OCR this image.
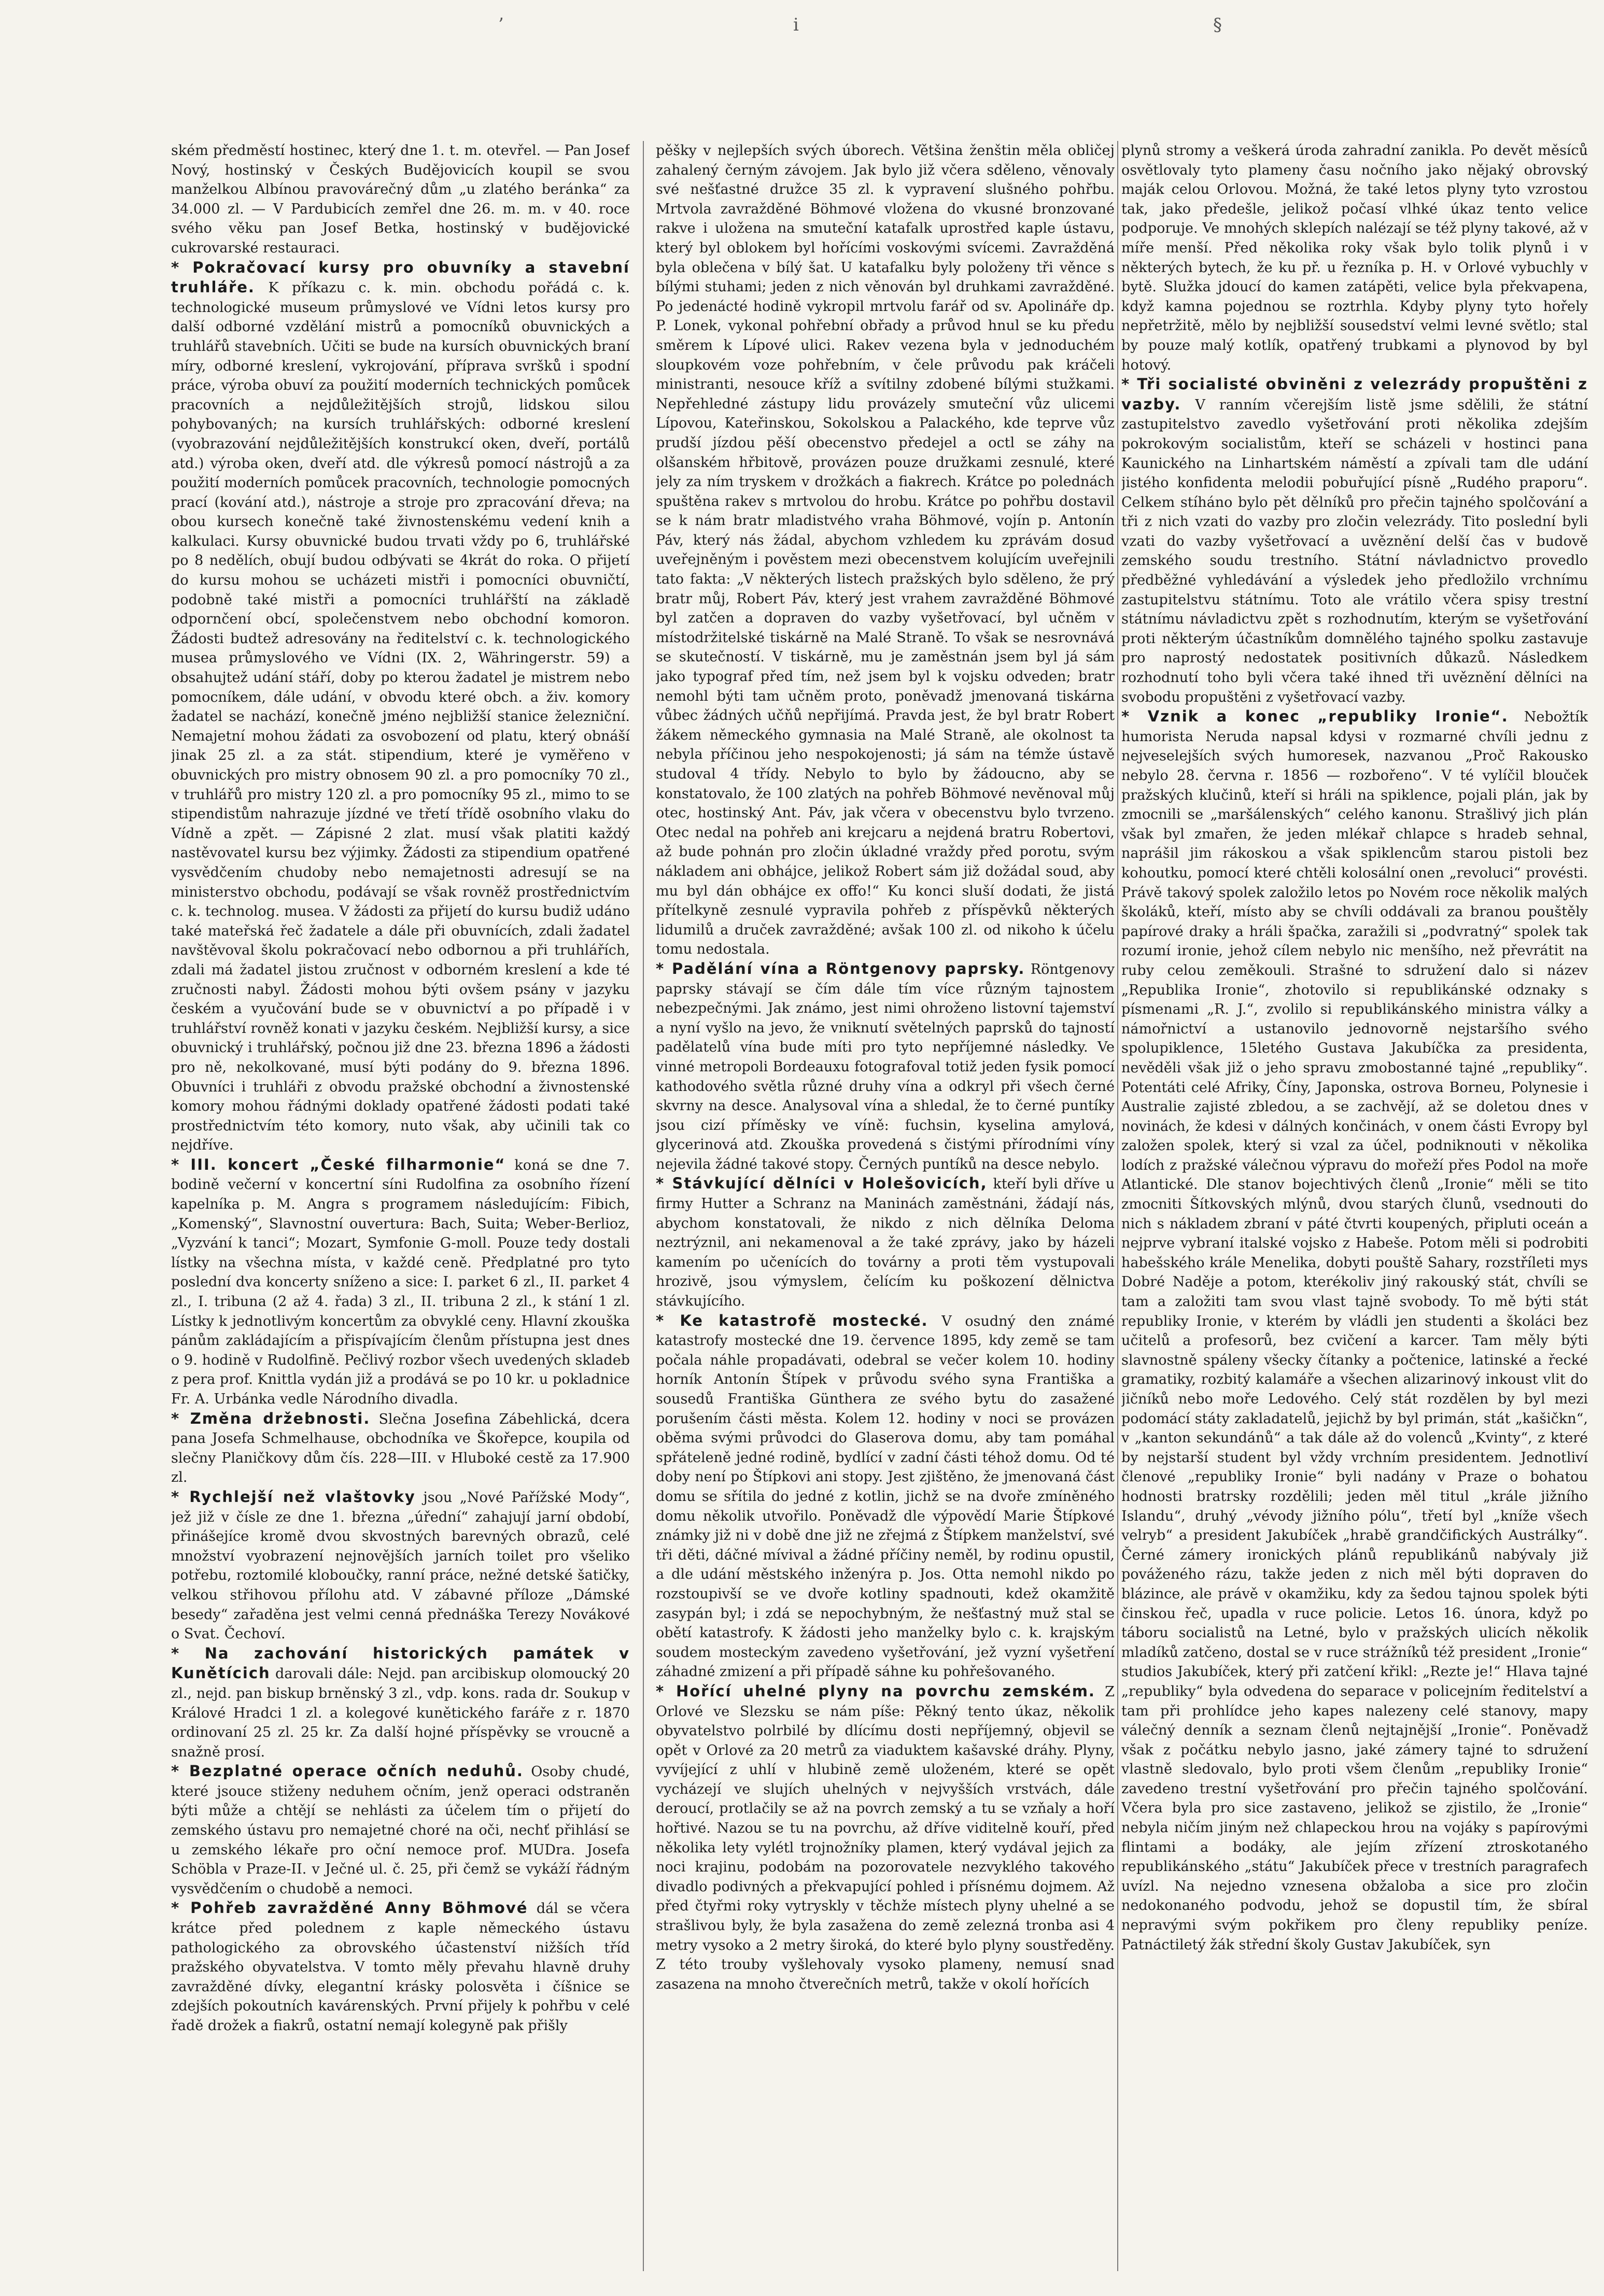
ʼ	ⅰ	§

ském předměstí hostinec, který dne 1. t. m. otevřel. — Pan Josef Nový, hostinský v Českých Budějovicích koupil se svou manželkou Albínou pravovárečný dům „u zlatého beránka“ za 34.000 zl. — V Pardubicích zemřel dne 26. m. m. v 40. roce svého věku pan Josef Betka, hostinský v budějovické cukrovarské restauraci.

* Pokračovací kursy pro obuvníky a stavební truhláře. K příkazu c. k. min. obchodu pořádá c. k. technologické museum průmyslové ve Vídni letos kursy pro další odborné vzdělání mistrů a pomocníků obuvnických a truhlářů stavebních. Učiti se bude na kursích obuvnických braní míry, odborné kreslení, vykrojování, příprava svršků i spodní práce, výroba obuví za použití moderních technických pomůcek pracovních a nejdůležitějších strojů, lidskou silou pohybovaných; na kursích truhlářských: odborné kreslení (vyobrazování nejdůležitějších konstrukcí oken, dveří, portálů atd.) výroba oken, dveří atd. dle výkresů pomocí nástrojů a za použití moderních pomůcek pracovních, technologie pomocných prací (kování atd.), nástroje a stroje pro zpracování dřeva; na obou kursech konečně také živnostenskému vedení knih a kalkulaci. Kursy obuvnické budou trvati vždy po 6, truhlářské po 8 nedělích, obují budou odbývati se 4krát do roka. O přijetí do kursu mohou se ucházeti mistři i pomocníci obuvničtí, podobně také mistři a pomocníci truhlářští na základě odpornčení obcí, společenstvem nebo obchodní komoron. Žádosti budtež adresovány na ředitelství c. k. technologického musea průmyslového ve Vídni (IX. 2, Währingerstr. 59) a obsahujtež udání stáří, doby po kterou žadatel je mistrem nebo pomocníkem, dále udání, v obvodu které obch. a živ. komory žadatel se nachází, konečně jméno nejbližší stanice železniční. Nemajetní mohou žádati za osvobození od platu, který obnáší jinak 25 zl. a za stát. stipendium, které je vyměřeno v obuvnických pro mistry obnosem 90 zl. a pro pomocníky 70 zl., v truhlářů pro mistry 120 zl. a pro pomocníky 95 zl., mimo to se stipendistům nahrazuje jízdné ve třetí třídě osobního vlaku do Vídně a zpět. — Zápisné 2 zlat. musí však platiti každý nastěvovatel kursu bez výjimky. Žádosti za stipendium opatřené vysvědčením chudoby nebo nemajetnosti adresují se na ministerstvo obchodu, podávají se však rovněž prostřednictvím c. k. technolog. musea. V žádosti za přijetí do kursu budiž udáno také mateřská řeč žadatele a dále při obuvnících, zdali žadatel navštěvoval školu pokračovací nebo odbornou a při truhlářích, zdali má žadatel jistou zručnost v odborném kreslení a kde té zručnosti nabyl. Žádosti mohou býti ovšem psány v jazyku českém a vyučování bude se v obuvnictví a po případě i v truhlářství rovněž konati v jazyku českém. Nejbližší kursy, a sice obuvnický i truhlářský, počnou již dne 23. března 1896 a žádosti pro ně, nekolkované, musí býti podány do 9. března 1896. Obuvníci i truhláři z obvodu pražské obchodní a živnostenské komory mohou řádnými doklady opatřené žádosti podati také prostřednictvím této komory, nuto však, aby učinili tak co nejdříve.

* III. koncert „České filharmonie“ koná se dne 7. bodině večerní v koncertní síni Rudolfina za osobního řízení kapelníka p. M. Angra s programem následujícím: Fibich, „Komenský“, Slavnostní ouvertura: Bach, Suita; Weber-Berlioz, „Vyzvání k tanci“; Mozart, Symfonie G-moll. Pouze tedy dostali lístky na všechna místa, v každé ceně. Předplatné pro tyto poslední dva koncerty sníženo a sice: I. parket 6 zl., II. parket 4 zl., I. tribuna (2 až 4. řada) 3 zl., II. tribuna 2 zl., k stání 1 zl. Lístky k jednotlivým koncertům za obvyklé ceny. Hlavní zkouška pánům zakládajícím a přispívajícím členům přístupna jest dnes o 9. hodině v Rudolfině. Pečlivý rozbor všech uvedených skladeb z pera prof. Knittla vydán již a prodává se po 10 kr. u pokladnice Fr. A. Urbánka vedle Národního divadla.

* Změna držebnosti. Slečna Josefina Zábehlická, dcera pana Josefa Schmelhause, obchodníka ve Škořepce, koupila od slečny Planičkovy dům čís. 228—III. v Hluboké cestě za 17.900 zl.

* Rychlejší než vlaštovky jsou „Nové Pařížské Mody“, jež již v čísle ze dne 1. března „úřední“ zahajují jarní období, přinášejíce kromě dvou skvostných barevných obrazů, celé množství vyobrazení nejnovějších jarních toilet pro všeliko potřebu, roztomilé kloboučky, ranní práce, nežné detské šatičky, velkou střihovou přílohu atd. V zábavné příloze „Dámské besedy“ zařaděna jest velmi cenná přednáška Terezy Novákové o Svat. Čechoví.

* Na zachování historických památek v Kunětícich darovali dále: Nejd. pan arcibiskup olomoucký 20 zl., nejd. pan biskup brněnský 3 zl., vdp. kons. rada dr. Soukup v Králové Hradci 1 zl. a kolegové kunětického faráře z r. 1870 ordinovaní 25 zl. 25 kr. Za další hojné příspěvky se vroucně a snažně prosí.

* Bezplatné operace očních neduhů. Osoby chudé, které jsouce stiženy neduhem očním, jenž operaci odstraněn býti může a chtějí se nehlásti za účelem tím o přijetí do zemského ústavu pro nemajetné choré na oči, nechť přihlásí se u zemského lékaře pro oční nemoce prof. MUDra. Josefa Schöbla v Praze-II. v Ječné ul. č. 25, při čemž se vykáží řádným vysvědčením o chudobě a nemoci.

* Pohřeb zavražděné Anny Böhmové dál se včera krátce před polednem z kaple německého ústavu pathologického za obrovského účastenství nižších tříd pražského obyvatelstva. V tomto měly převahu hlavně druhy zavražděné dívky, elegantní krásky polosvěta i číšnice se zdejších pokoutních kavárenských. První přijely k pohřbu v celé řadě drožek a fiakrů, ostatní nemají kolegyně pak přišly

pěšky v nejlepších svých úborech. Většina ženštin měla obličej zahalený černým závojem. Jak bylo již včera sděleno, věnovaly své nešťastné družce 35 zl. k vypravení slušného pohřbu. Mrtvola zavražděné Böhmové vložena do vkusné bronzované rakve i uložena na smuteční katafalk uprostřed kaple ústavu, který byl oblokem byl hořícími voskovými svícemi. Zavražděná byla oblečena v bílý šat. U katafalku byly položeny tři věnce s bílými stuhami; jeden z nich věnován byl druhkami zavražděné. Po jedenácté hodině vykropil mrtvolu farář od sv. Apolináře dp. P. Lonek, vykonal pohřební obřady a průvod hnul se ku předu směrem k Lípové ulici. Rakev vezena byla v jednoduchém sloupkovém voze pohřebním, v čele průvodu pak kráčeli ministranti, nesouce kříž a svítilny zdobené bílými stužkami. Nepřehledné zástupy lidu provázely smuteční vůz ulicemi Lípovou, Kateřinskou, Sokolskou a Palackého, kde teprve vůz prudší jízdou pěší obecenstvo předejel a octl se záhy na olšanském hřbitově, provázen pouze družkami zesnulé, které jely za ním tryskem v drožkách a fiakrech. Krátce po polednách spuštěna rakev s mrtvolou do hrobu. Krátce po pohřbu dostavil se k nám bratr mladistvého vraha Böhmové, vojín p. Antonín Páv, který nás žádal, abychom vzhledem ku zprávám dosud uveřejněným i pověstem mezi obecenstvem kolujícím uveřejnili tato fakta: „V některých listech pražských bylo sděleno, že prý bratr můj, Robert Páv, který jest vrahem zavražděné Böhmové byl zatčen a dopraven do vazby vyšetřovací, byl učněm v místodržitelské tiskárně na Malé Straně. To však se nesrovnává se skutečností. V tiskárně, mu je zaměstnán jsem byl já sám jako typograf před tím, než jsem byl k vojsku odveden; bratr nemohl býti tam učněm proto, poněvadž jmenovaná tiskárna vůbec žádných učňů nepřijímá. Pravda jest, že byl bratr Robert žákem německého gymnasia na Malé Straně, ale okolnost ta nebyla příčinou jeho nespokojenosti; já sám na témže ústavě studoval 4 třídy. Nebylo to bylo by žádoucno, aby se konstatovalo, že 100 zlatých na pohřeb Böhmové nevěnoval můj otec, hostinský Ant. Páv, jak včera v obecenstvu bylo tvrzeno. Otec nedal na pohřeb ani krejcaru a nejdená bratru Robertovi, až bude pohnán pro zločin úkladné vraždy před porotu, svým nákladem ani obhájce, jelikož Robert sám již dožádal soud, aby mu byl dán obhájce ex offo!“ Ku konci sluší dodati, že jistá přítelkyně zesnulé vypravila pohřeb z příspěvků některých lidumilů a druček zavražděné; avšak 100 zl. od nikoho k účelu tomu nedostala.

* Padělání vína a Röntgenovy paprsky. Röntgenovy paprsky stávají se čím dále tím více různým tajnostem nebezpečnými. Jak známo, jest nimi ohroženo listovní tajemství a nyní vyšlo na jevo, že vniknutí světelných paprsků do tajností padělatelů vína bude míti pro tyto nepříjemné následky. Ve vinné metropoli Bordeauxu fotografoval totiž jeden fysik pomocí kathodového světla různé druhy vína a odkryl při všech černé skvrny na desce. Analysoval vína a shledal, že to černé puntíky jsou cizí příměsky ve víně: fuchsin, kyselina amylová, glycerinová atd. Zkouška provedená s čistými přírodními víny nejevila žádné takové stopy. Černých puntíků na desce nebylo.

* Stávkující dělníci v Holešovicích, kteří byli dříve u firmy Hutter a Schranz na Maninách zaměstnáni, žádají nás, abychom konstatovali, že nikdo z nich dělníka Deloma neztrýznil, ani nekamenoval a že také zprávy, jako by házeli kamením po učenících do továrny a proti těm vystupovali hrozivě, jsou výmyslem, čelícím ku poškození dělnictva stávkujícího.

* Ke katastrofě mostecké. V osudný den známé katastrofy mostecké dne 19. července 1895, kdy země se tam počala náhle propadávati, odebral se večer kolem 10. hodiny horník Antonín Štípek v průvodu svého syna Františka a sousedů Františka Günthera ze svého bytu do zasažené porušením části města. Kolem 12. hodiny v noci se provázen oběma svými průvodci do Glaserova domu, aby tam pomáhal spřáteleně jedné rodině, bydlící v zadní části téhož domu. Od té doby není po Štípkovi ani stopy. Jest zjištěno, že jmenovaná část domu se sřítila do jedné z kotlin, jichž se na dvoře zmíněného domu několik utvořilo. Poněvadž dle výpovědí Marie Štípkové známky již ni v době dne již ne zřejmá z Štípkem manželství, své tři děti, dáčné mívival a žádné příčiny neměl, by rodinu opustil, a dle udání městského inženýra p. Jos. Otta nemohl nikdo po rozstoupivší se ve dvoře kotliny spadnouti, kdež okamžitě zasypán byl; i zdá se nepochybným, že nešťastný muž stal se obětí katastrofy. K žádosti jeho manželky bylo c. k. krajským soudem mosteckým zavedeno vyšetřování, jež vyzní vyšetření záhadné zmizení a při případě sáhne ku pohřešovaného.

* Hořící uhelné plyny na povrchu zemském. Z Orlové ve Slezsku se nám píše: Pěkný tento úkaz, několik obyvatelstvo polrbilé by dlícímu dosti nepříjemný, objevil se opět v Orlové za 20 metrů za viaduktem kašavské dráhy. Plyny, vyvíjející z uhlí v hlubině země uloženém, které se opět vycházejí ve slujích uhelných v nejvyšších vrstvách, dále deroucí, protlačily se až na povrch zemský a tu se vzňaly a hoří hořtivé. Nazou se tu na povrchu, až dříve viditelně kouří, před několika lety vylétl trojnožníky plamen, který vydával jejich za noci krajinu, podobám na pozorovatele nezvyklého takového divadlo podivných a překvapující pohled i přísnému dojmem. Až před čtyřmi roky vytryskly v těchže místech plyny uhelné a se strašlivou byly, že byla zasažena do země zelezná tronba asi 4 metry vysoko a 2 metry široká, do které bylo plyny soustředěny. Z této trouby vyšlehovaly vysoko plameny, nemusí snad zasazena na mnoho čtverečních metrů, takže v okolí hořících

plynů stromy a veškerá úroda zahradní zanikla. Po devět měsíců osvětlovaly tyto plameny času nočního jako nějaký obrovský maják celou Orlovou. Možná, že také letos plyny tyto vzrostou tak, jako předešle, jelikož počasí vlhké úkaz tento velice podporuje. Ve mnohých sklepích nalézají se též plyny takové, až v míře menší. Před několika roky však bylo tolik plynů i v některých bytech, že ku př. u řezníka p. H. v Orlové vybuchly v bytě. Služka jdoucí do kamen zatápěti, velice byla překvapena, když kamna pojednou se roztrhla. Kdyby plyny tyto hořely nepřetržitě, mělo by nejbližší sousedství velmi levné světlo; stal by pouze malý kotlík, opatřený trubkami a plynovod by byl hotový.

* Tři socialisté obviněni z velezrády propuštěni z vazby. V ranním včerejším listě jsme sdělili, že státní zastupitelstvo zavedlo vyšetřování proti několika zdejším pokrokovým socialistům, kteří se scházeli v hostinci pana Kaunického na Linhartském náměstí a zpívali tam dle udání jistého konfidenta melodii pobuřující písně „Rudého praporu“. Celkem stíháno bylo pět dělníků pro přečin tajného spolčování a tři z nich vzati do vazby pro zločin velezrády. Tito poslední byli vzati do vazby vyšetřovací a uvěznění delší čas v budově zemského soudu trestního. Státní návladnictvo provedlo předběžné vyhledávání a výsledek jeho předložilo vrchnímu zastupitelstvu státnímu. Toto ale vrátilo včera spisy trestní státnímu návladictvu zpět s rozhodnutím, kterým se vyšetřování proti některým účastníkům domnělého tajného spolku zastavuje pro naprostý nedostatek positivních důkazů. Následkem rozhodnutí toho byli včera také ihned tři uvěznění dělníci na svobodu propuštěni z vyšetřovací vazby.

* Vznik a konec „republiky Ironie“. Nebožtík humorista Neruda napsal kdysi v rozmarné chvíli jednu z nejveselejších svých humoresek, nazvanou „Proč Rakousko nebylo 28. června r. 1856 — rozbořeno“. V té vylíčil blouček pražských klučinů, kteří si hráli na spiklence, pojali plán, jak by zmocnili se „maršálenských“ celého kanonu. Strašlivý jich plán však byl zmařen, že jeden mlékař chlapce s hradeb sehnal, naprášil jim rákoskou a však spiklencům starou pistoli bez kohoutku, pomocí které chtěli kolosální onen „revoluci“ provésti. Právě takový spolek založilo letos po Novém roce několik malých školáků, kteří, místo aby se chvíli oddávali za branou pouštěly papírové draky a hráli špačka, zaražili si „podvratný“ spolek tak rozumí ironie, jehož cílem nebylo nic menšího, než převrátit na ruby celou zeměkouli. Strašné to sdružení dalo si název „Republika Ironie“, zhotovilo si republikánské odznaky s písmenami „R. J.“, zvolilo si republikánského ministra války a námořnictví a ustanovilo jednovorně nejstaršího svého spolupiklence, 15letého Gustava Jakubíčka za presidenta, nevěděli však již o jeho spravu zmobostanné tajné „republiky“. Potentáti celé Afriky, Číny, Japonska, ostrova Borneu, Polynesie i Australie zajisté zbledou, a se zachvějí, až se doletou dnes v novinách, že kdesi v dálných končinách, v onem části Evropy byl založen spolek, který si vzal za účel, podniknouti v několika lodích z pražské válečnou výpravu do mořeží přes Podol na moře Atlantické. Dle stanov bojechtivých členů „Ironie“ měli se tito zmocniti Šítkovských mlýnů, dvou starých člunů, vsednouti do nich s nákladem zbraní v páté čtvrti koupených, připluti oceán a nejprve vybraní italské vojsko z Habeše. Potom měli si podrobiti habešského krále Menelika, dobyti pouště Sahary, rozstříleti mys Dobré Naděje a potom, kterékoliv jiný rakouský stát, chvíli se tam a založiti tam svou vlast tajně svobody. To mě býti stát republiky Ironie, v kterém by vládli jen studenti a školáci bez učitelů a profesorů, bez cvičení a karcer. Tam měly býti slavnostně spáleny všecky čítanky a počtenice, latinské a řecké gramatiky, rozbitý kalamáře a všechen alizarinový inkoust vlit do jičníků nebo moře Ledového. Celý stát rozdělen by byl mezi podomácí státy zakladatelů, jejichž by byl primán, stát „kašičkn“, v „kanton sekundánů“ a tak dále až do volenců „Kvinty“, z které by nejstarší student byl vždy vrchním presidentem. Jednotliví členové „republiky Ironie“ byli nadány v Praze o bohatou hodnosti bratrsky rozdělili; jeden měl titul „krále jižního Islandu“, druhý „vévody jižního pólu“, třetí byl „kníže všech velryb“ a president Jakubíček „hrabě grandčifických Austrálky“. Černé zámery ironických plánů republikánů nabývaly již pováženého rázu, takže jeden z nich měl býti dopraven do blázince, ale právě v okamžiku, kdy za šedou tajnou spolek býti činskou řeč, upadla v ruce policie. Letos 16. února, když po táboru socialistů na Letné, bylo v pražských ulicích několik mladíků zatčeno, dostal se v ruce strážníků též president „Ironie“ studios Jakubíček, který při zatčení křikl: „Rezte je!“ Hlava tajné „republiky“ byla odvedena do separace v policejním ředitelství a tam při prohlídce jeho kapes nalezeny celé stanovy, mapy válečný denník a seznam členů nejtajnější „Ironie“. Poněvadž však z počátku nebylo jasno, jaké zámery tajné to sdružení vlastně sledovalo, bylo proti všem členům „republiky Ironie“ zavedeno trestní vyšetřování pro přečin tajného spolčování. Včera byla pro sice zastaveno, jelikož se zjistilo, že „Ironie“ nebyla ničím jiným než chlapeckou hrou na vojáky s papírovými flintami a bodáky, ale jejím zřízení ztroskotaného republikánského „státu“ Jakubíček přece v trestních paragrafech uvízl. Na nejedno vznesena obžaloba a sice pro zločin nedokonaného podvodu, jehož se dopustil tím, že sbíral nepravými svým pokřikem pro členy republiky peníze. Patnáctiletý žák střední školy Gustav Jakubíček, syn
